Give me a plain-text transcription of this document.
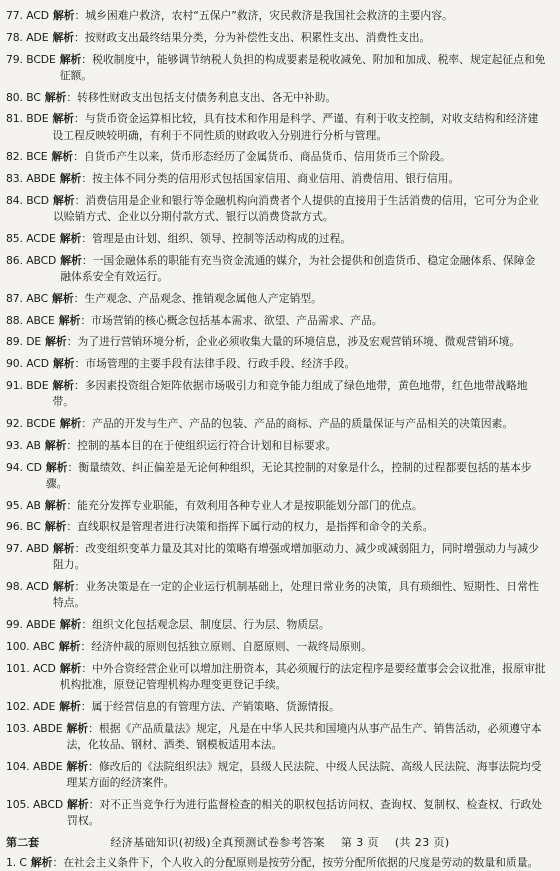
77. ACD 解析：城乡困难户救济，农村“五保户”救济，灾民救济是我国社会救济的主要内容。
78. ADE 解析：按财政支出最终结果分类，分为补偿性支出、积累性支出、消费性支出。
79. BCDE 解析：税收制度中，能够调节纳税人负担的构成要素是税收减免、附加和加成、税率、规定起征点和免征额。
80. BC 解析：转移性财政支出包括支付债务利息支出、各无中补助。
81. BDE 解析：与货币资金运算相比较，具有技术和作用是科学、严谨、有利于收支控制，对收支结构和经济建设工程反映较明确，有利于不同性质的财政收入分别进行分析与管理。
82. BCE 解析：自货币产生以来，货币形态经历了金属货币、商品货币、信用货币三个阶段。
83. ABDE 解析：按主体不同分类的信用形式包括国家信用、商业信用、消费信用、银行信用。
84. BCD 解析：消费信用是企业和银行等金融机构向消费者个人提供的直接用于生活消费的信用，它可分为企业以赊销方式、企业以分期付款方式、银行以消费贷款方式。
85. ACDE 解析：管理是由计划、组织、领导、控制等活动构成的过程。
86. ABCD 解析：一国金融体系的职能有充当资金流通的媒介，为社会提供和创造货币、稳定金融体系、保障金融体系安全有效运行。
87. ABC 解析：生产观念、产品观念、推销观念属他人产定销型。
88. ABCE 解析：市场营销的核心概念包括基本需求、欲望、产品需求、产品。
89. DE 解析：为了进行营销环境分析，企业必须收集大量的环境信息，涉及宏观营销环境、微观营销环境。
90. ACD 解析：市场管理的主要手段有法律手段、行政手段、经济手段。
91. BDE 解析：多因素投资组合矩阵依据市场吸引力和竞争能力组成了绿色地带，黄色地带，红色地带战略地带。
92. BCDE 解析：产品的开发与生产、产品的包装、产品的商标、产品的质量保证与产品相关的决策因素。
93. AB 解析：控制的基本目的在于使组织运行符合计划和目标要求。
94. CD 解析：衡量绩效、纠正偏差是无论何种组织，无论其控制的对象是什么，控制的过程都要包括的基本步骤。
95. AB 解析：能充分发挥专业职能，有效利用各种专业人才是按职能划分部门的优点。
96. BC 解析：直线职权是管理者进行决策和指挥下属行动的权力，是指挥和命令的关系。
97. ABD 解析：改变组织变革力量及其对比的策略有增强或增加驱动力、减少或减弱阻力，同时增强动力与减少阻力。
98. ACD 解析：业务决策是在一定的企业运行机制基础上，处理日常业务的决策，具有琐细性、短期性、日常性特点。
99. ABDE 解析：组织文化包括观念层、制度层、行为层、物质层。
100. ABC 解析：经济仲裁的原则包括独立原则、自愿原则、一裁终局原则。
101. ACD 解析：中外合资经营企业可以增加注册资本，其必须履行的法定程序是要经董事会会议批准，报原审批机构批准，原登记管理机构办理变更登记手续。
102. ADE 解析：属于经营信息的有管理方法、产销策略、货源情报。
103. ABDE 解析：根据《产品质量法》规定，凡是在中华人民共和国境内从事产品生产、销售活动，必须遵守本法，化妆品、钢材、酒类、钢模板适用本法。
104. ABDE 解析：修改后的《法院组织法》规定，县级人民法院、中级人民法院、高级人民法院、海事法院均受理某方面的经济案件。
105. ABCD 解析：对不正当竞争行为进行监督检查的相关的职权包括访问权、查询权、复制权、检查权、行政处罚权。
第二套
1. C 解析：在社会主义条件下，个人收入的分配原则是按劳分配，按劳分配所依据的尺度是劳动的数量和质量。
经济基础知识(初级)全真预测试卷参考答案 第 3 页 (共 23 页)
